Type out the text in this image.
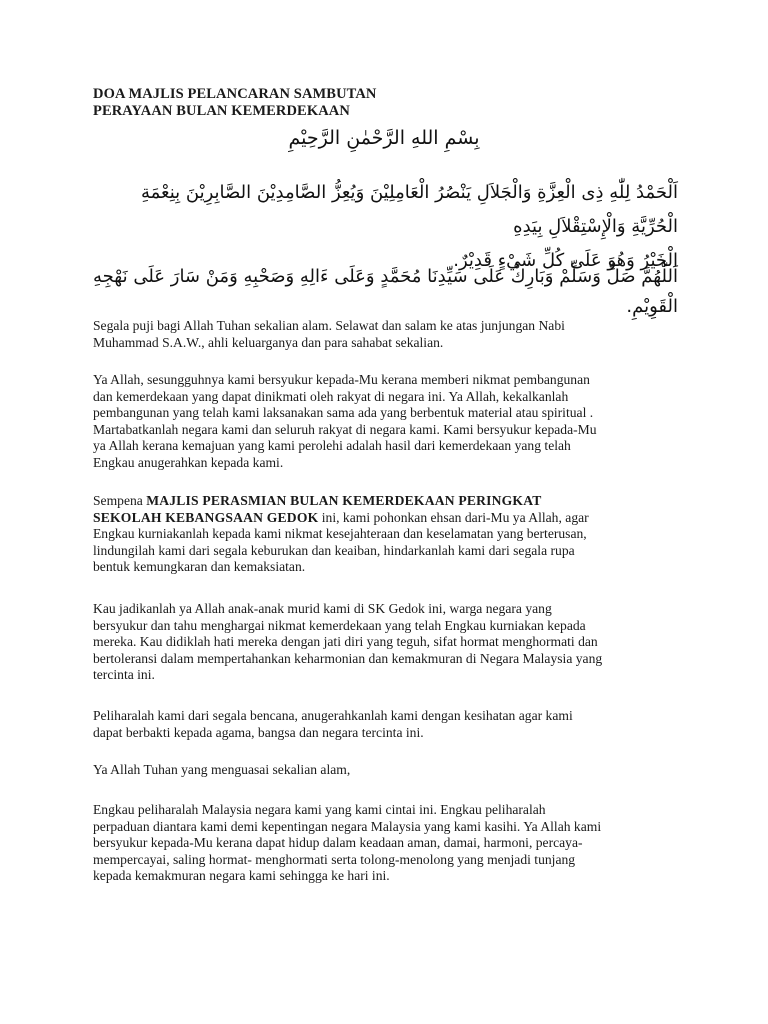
DOA MAJLIS PELANCARAN SAMBUTAN
PERAYAAN BULAN KEMERDEKAAN
بِسْمِ اللهِ الرَّحْمٰنِ الرَّحِيْمِ
اَلْحَمْدُ لِلّٰهِ ذِى الْعِزَّةِ وَالْجَلاَلِ يَنْصُرُ الْعَامِلِيْنَ وَيُعِزُّ الصَّامِدِيْنَ الصَّابِرِيْنَ بِنِعْمَةِ الْحُرِّيَّةِ وَالْإِسْتِقْلاَلِ بِيَدِهِ
الْخَيْرُ وَهُوَ عَلَى كُلِّ شَيْءٍ قَدِيْرٌ.
اَللّٰهُمَّ صَلِّ وَسَلِّمْ وَبَارِكْ عَلَى سَيِّدِنَا مُحَمَّدٍ وَعَلَى ءَالِهِ وَصَحْبِهِ وَمَنْ سَارَ عَلَى نَهْجِهِ الْقَوِيْمِ.
Segala puji bagi Allah Tuhan sekalian alam. Selawat dan salam ke atas junjungan Nabi
Muhammad S.A.W., ahli keluarganya dan para sahabat sekalian.
Ya Allah, sesungguhnya kami bersyukur kepada-Mu kerana memberi nikmat pembangunan
dan kemerdekaan yang dapat dinikmati oleh rakyat di negara ini. Ya Allah, kekalkanlah
pembangunan yang telah kami laksanakan sama ada yang berbentuk material atau spiritual .
Martabatkanlah negara kami dan seluruh rakyat di negara kami. Kami bersyukur kepada-Mu
ya Allah kerana kemajuan yang kami perolehi adalah hasil dari kemerdekaan yang telah
Engkau anugerahkan kepada kami.
Sempena MAJLIS PERASMIAN BULAN KEMERDEKAAN PERINGKAT
SEKOLAH KEBANGSAAN GEDOK ini, kami pohonkan ehsan dari-Mu ya Allah, agar
Engkau kurniakanlah kepada kami nikmat kesejahteraan dan keselamatan yang berterusan,
lindungilah kami dari segala keburukan dan keaiban, hindarkanlah kami dari segala rupa
bentuk kemungkaran dan kemaksiatan.
Kau jadikanlah ya Allah anak-anak murid kami di SK Gedok ini, warga negara yang
bersyukur dan tahu menghargai nikmat kemerdekaan yang telah Engkau kurniakan kepada
mereka. Kau didiklah hati mereka dengan jati diri yang teguh, sifat hormat menghormati dan
bertoleransi dalam mempertahankan keharmonian dan kemakmuran di Negara Malaysia yang
tercinta ini.
Peliharalah kami dari segala bencana, anugerahkanlah kami dengan kesihatan agar kami
dapat berbakti kepada agama, bangsa dan negara tercinta ini.
Ya Allah Tuhan yang menguasai sekalian alam,
Engkau peliharalah Malaysia negara kami yang kami cintai ini. Engkau peliharalah
perpaduan diantara kami demi kepentingan negara Malaysia yang kami kasihi. Ya Allah kami
bersyukur kepada-Mu kerana dapat hidup dalam keadaan aman, damai, harmoni, percaya-
mempercayai, saling hormat- menghormati serta tolong-menolong yang menjadi tunjang
kepada kemakmuran negara kami sehingga ke hari ini.
